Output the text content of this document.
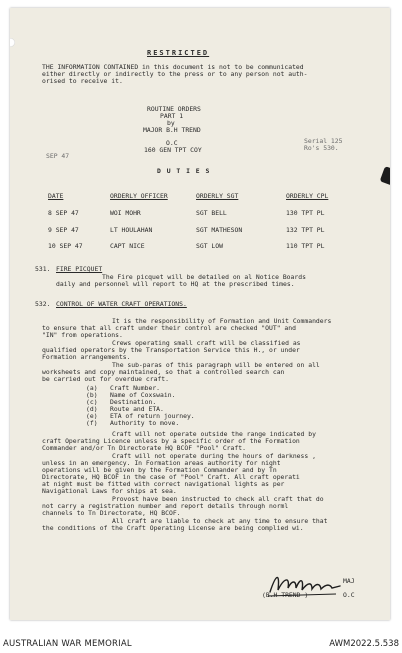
RESTRICTED
THE INFORMATION CONTAINED in this document is not to be communicated
either directly or indirectly to the press or to any person not auth-
orised to receive it.
ROUTINE ORDERS
PART 1
by
MAJOR B.H TREND
O.C
160 GEN TPT COY
Serial 125
Ro's 530.
SEP 47
D U T I E S
DATE	ORDERLY OFFICER	ORDERLY SGT	ORDERLY CPL
8 SEP 47	WOI MOHR	SGT BELL	130 TPT PL
9 SEP 47	LT HOULAHAN	SGT MATHESON	132 TPT PL
10 SEP 47	CAPT NICE	SGT LOW	110 TPT PL
531. FIRE PICQUET
The Fire picquet will be detailed on al Notice Boards
daily and personnel will report to HQ at the prescribed times.
532. CONTROL OF WATER CRAFT OPERATIONS.
It is the responsibility of Formation and Unit Commanders
to ensure that all craft under their control are checked "OUT" and
"IN" from operations.
Crews operating small craft will be classified as
qualified operators by the Transportation Service this H., or under
Formation arrangements.
The sub-paras of this paragraph will be entered on all
worksheets and copy maintained, so that a controlled search can
be carried out for overdue craft.
(a) Craft Number.
(b) Name of Coxswain.
(c) Destination.
(d) Route and ETA.
(e) ETA of return journey.
(f) Authority to move.
Craft will not operate outside the range indicated by
craft Operating Licence unless by a specific order of the Formation
Commander and/or Tn Directorate HQ BCOF "Pool" Craft.
Craft will not operate during the hours of darkness ,
unless in an emergency. In Formation areas authority for night
operations will be given by the Formation Commander and by Tn
Directorate, HQ BCOF in the case of "Pool" Craft. All craft operati
at night must be fitted with correct navigational lights as per
Navigational Laws for ships at sea.
Provost have been instructed to check all craft that do
not carry a registration number and report details through norml
channels to Tn Directorate, HQ BCOF.
All craft are liable to check at any time to ensure that
the conditions of the Craft Operating License are being complied wi.
MAJ
(B.H TREND )	O.C
AUSTRALIAN WAR MEMORIAL	AWM2022.5.538
